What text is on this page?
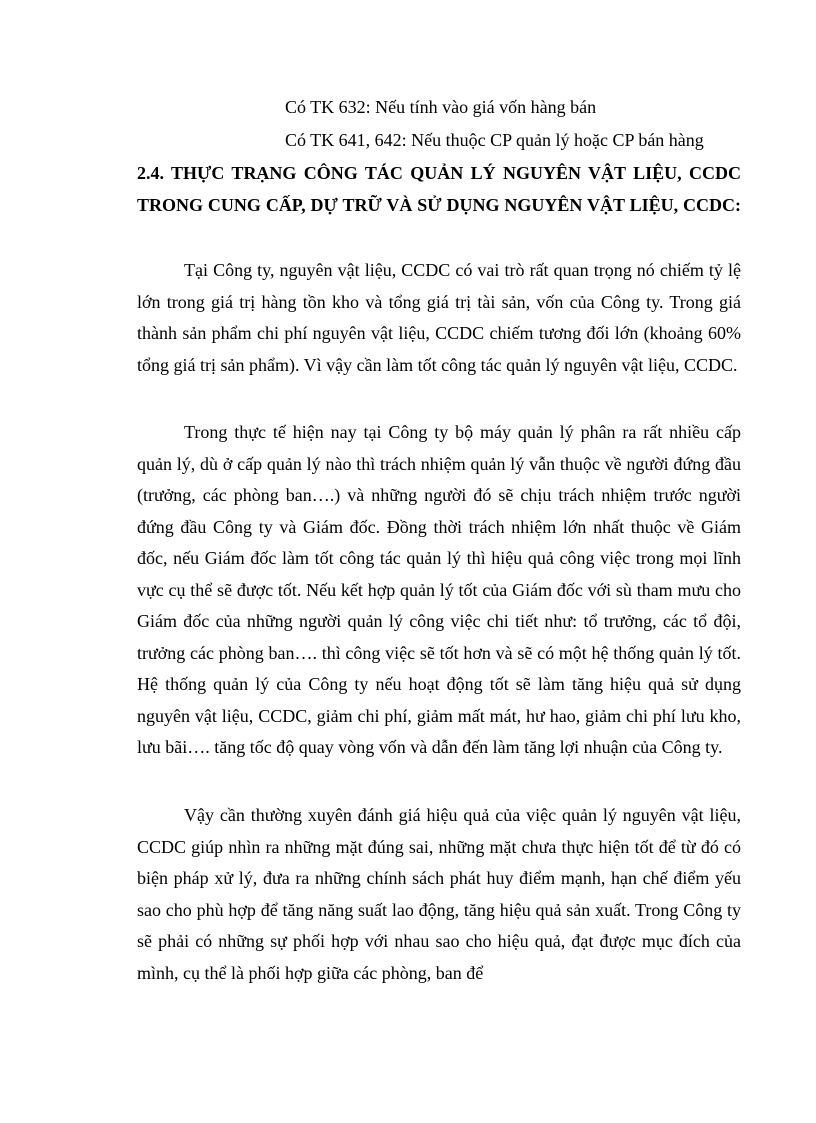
Có TK 632: Nếu tính vào giá vốn hàng bán
Có TK 641, 642: Nếu thuộc CP quản lý hoặc CP bán hàng
2.4. THỰC TRẠNG CÔNG TÁC QUẢN LÝ NGUYÊN VẬT LIỆU, CCDC TRONG CUNG CẤP, DỰ TRỮ VÀ SỬ DỤNG NGUYÊN VẬT LIỆU, CCDC:

Tại Công ty, nguyên vật liệu, CCDC có vai trò rất quan trọng nó chiếm tỷ lệ lớn trong giá trị hàng tồn kho và tổng giá trị tài sản, vốn của Công ty. Trong giá thành sản phẩm chi phí nguyên vật liệu, CCDC chiếm tương đối lớn (khoảng 60% tổng giá trị sản phẩm). Vì vậy cần làm tốt công tác quản lý nguyên vật liệu, CCDC.

Trong thực tế hiện nay tại Công ty bộ máy quản lý phân ra rất nhiều cấp quản lý, dù ở cấp quản lý nào thì trách nhiệm quản lý vẫn thuộc về người đứng đầu (trưởng, các phòng ban….) và những người đó sẽ chịu trách nhiệm trước người đứng đầu Công ty và Giám đốc. Đồng thời trách nhiệm lớn nhất thuộc về Giám đốc, nếu Giám đốc làm tốt công tác quản lý thì hiệu quả công việc trong mọi lĩnh vực cụ thể sẽ được tốt. Nếu kết hợp quản lý tốt của Giám đốc với sù tham mưu cho Giám đốc của những người quản lý công việc chi tiết như: tổ trưởng, các tổ đội, trưởng các phòng ban…. thì công việc sẽ tốt hơn và sẽ có một hệ thống quản lý tốt. Hệ thống quản lý của Công ty nếu hoạt động tốt sẽ làm tăng hiệu quả sử dụng nguyên vật liệu, CCDC, giảm chi phí, giảm mất mát, hư hao, giảm chi phí lưu kho, lưu bãi…. tăng tốc độ quay vòng vốn và dẫn đến làm tăng lợi nhuận của Công ty.

Vậy cần thường xuyên đánh giá hiệu quả của việc quản lý nguyên vật liệu, CCDC giúp nhìn ra những mặt đúng sai, những mặt chưa thực hiện tốt để từ đó có biện pháp xử lý, đưa ra những chính sách phát huy điểm mạnh, hạn chế điểm yếu sao cho phù hợp để tăng năng suất lao động, tăng hiệu quả sản xuất. Trong Công ty sẽ phải có những sự phối hợp với nhau sao cho hiệu quả, đạt được mục đích của mình, cụ thể là phối hợp giữa các phòng, ban để
